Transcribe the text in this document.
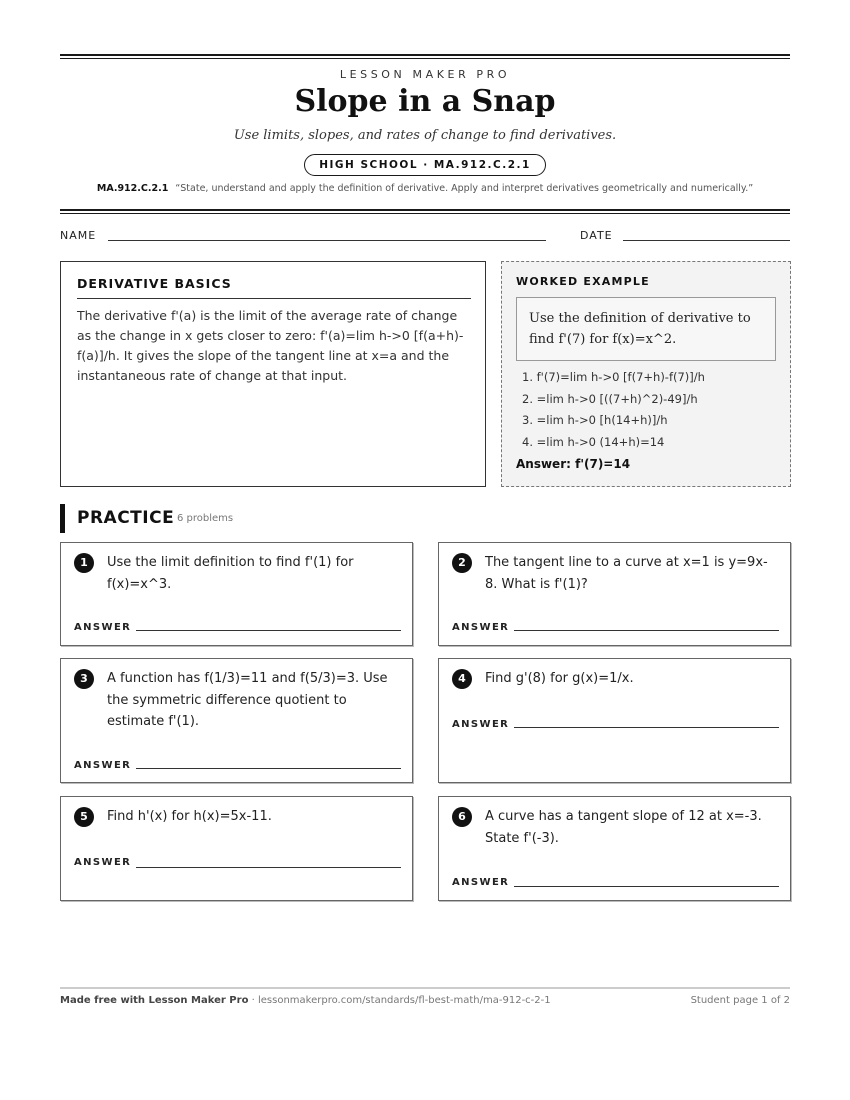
LESSON MAKER PRO
Slope in a Snap
Use limits, slopes, and rates of change to find derivatives.
HIGH SCHOOL · MA.912.C.2.1
MA.912.C.2.1 “State, understand and apply the definition of derivative. Apply and interpret derivatives geometrically and numerically.”
NAME	DATE
DERIVATIVE BASICS
The derivative f'(a) is the limit of the average rate of change as the change in x gets closer to zero: f'(a)=lim h->0 [f(a+h)-f(a)]/h. It gives the slope of the tangent line at x=a and the instantaneous rate of change at that input.
WORKED EXAMPLE
Use the definition of derivative to find f'(7) for f(x)=x^2.
1. f'(7)=lim h->0 [f(7+h)-f(7)]/h
2. =lim h->0 [((7+h)^2)-49]/h
3. =lim h->0 [h(14+h)]/h
4. =lim h->0 (14+h)=14
Answer: f'(7)=14
PRACTICE 6 problems
1	Use the limit definition to find f'(1) for f(x)=x^3.
ANSWER
2	The tangent line to a curve at x=1 is y=9x-8. What is f'(1)?
ANSWER
3	A function has f(1/3)=11 and f(5/3)=3. Use the symmetric difference quotient to estimate f'(1).
ANSWER
4	Find g'(8) for g(x)=1/x.
ANSWER
5	Find h'(x) for h(x)=5x-11.
ANSWER
6	A curve has a tangent slope of 12 at x=-3. State f'(-3).
ANSWER
Made free with Lesson Maker Pro · lessonmakerpro.com/standards/fl-best-math/ma-912-c-2-1	Student page 1 of 2
